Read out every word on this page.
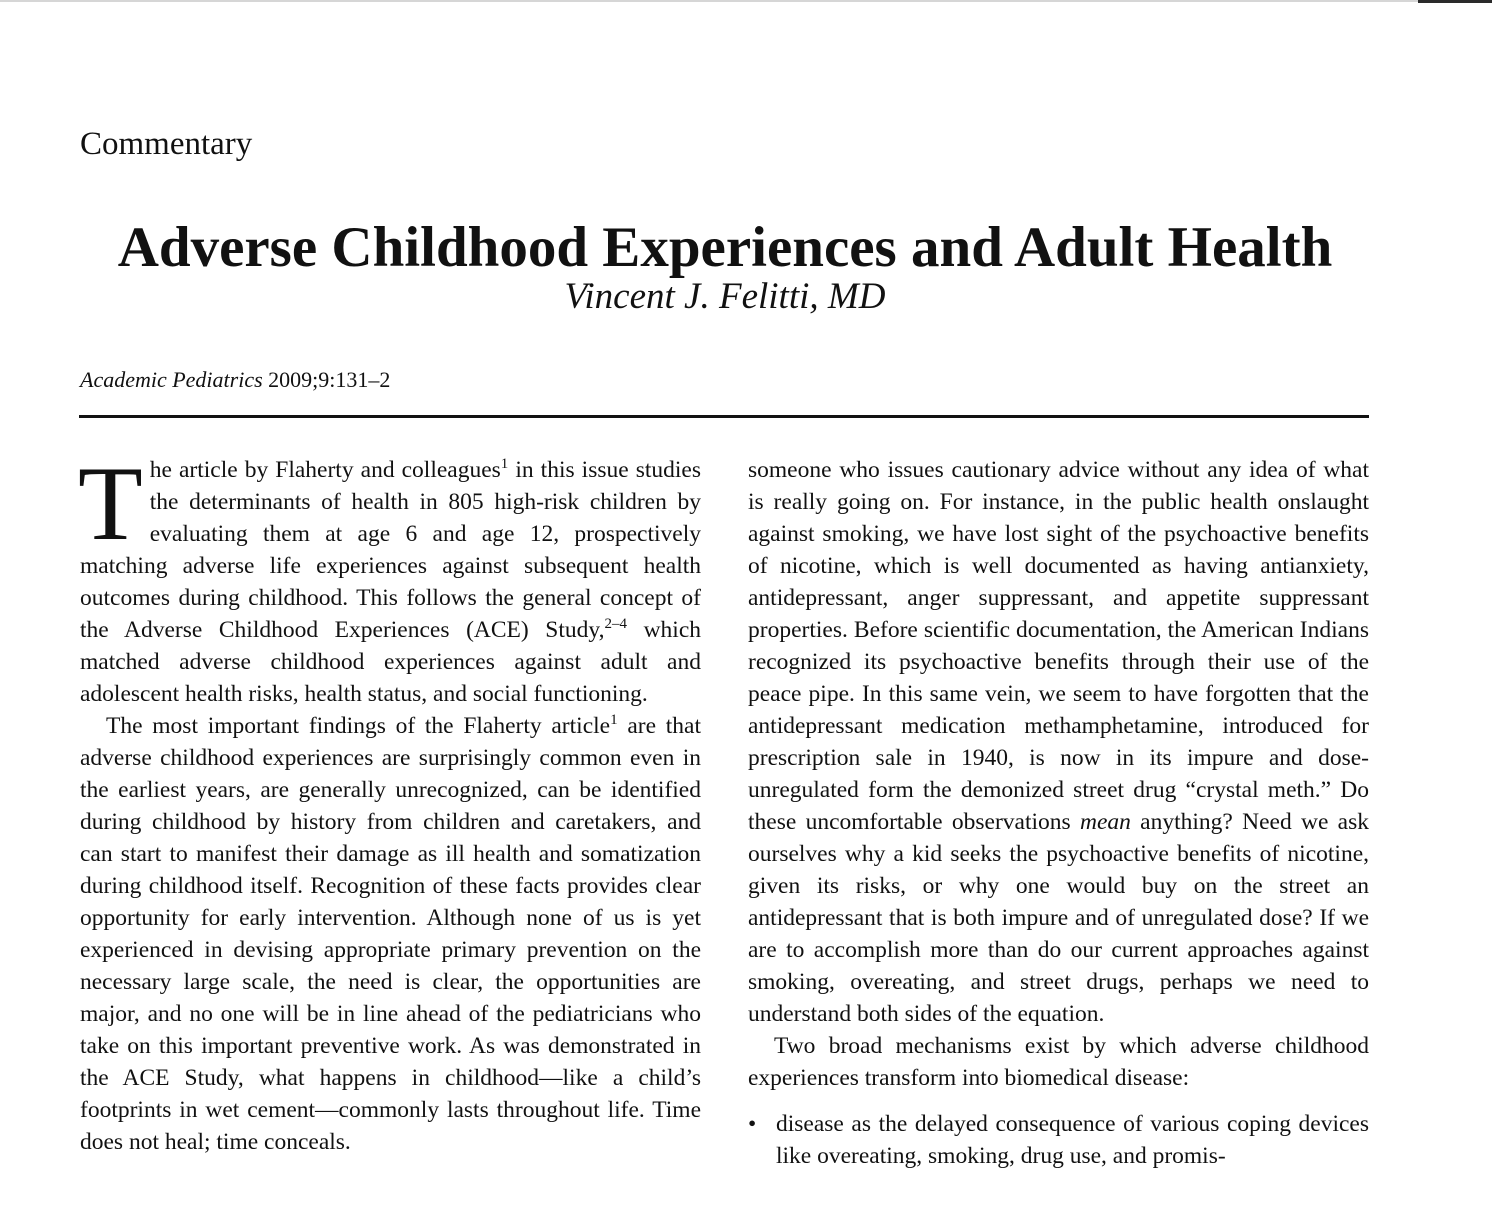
Commentary
Adverse Childhood Experiences and Adult Health
Vincent J. Felitti, MD
Academic Pediatrics 2009;9:131–2

The article by Flaherty and colleagues$^1$ in this issue studies the determinants of health in 805 high-risk children by evaluating them at age 6 and age 12, prospectively matching adverse life experiences against subsequent health outcomes during childhood. This follows the general concept of the Adverse Childhood Experiences (ACE) Study,$^{2-4}$ which matched adverse childhood experiences against adult and adolescent health risks, health status, and social functioning.

The most important findings of the Flaherty article$^1$ are that adverse childhood experiences are surprisingly common even in the earliest years, are generally unrecognized, can be identified during childhood by history from children and caretakers, and can start to manifest their damage as ill health and somatization during childhood itself. Recognition of these facts provides clear opportunity for early intervention. Although none of us is yet experienced in devising appropriate primary prevention on the necessary large scale, the need is clear, the opportunities are major, and no one will be in line ahead of the pediatricians who take on this important preventive work. As was demonstrated in the ACE Study, what happens in childhood—like a child’s footprints in wet cement—commonly lasts throughout life. Time does not heal; time conceals.

someone who issues cautionary advice without any idea of what is really going on. For instance, in the public health onslaught against smoking, we have lost sight of the psychoactive benefits of nicotine, which is well documented as having antianxiety, antidepressant, anger suppressant, and appetite suppressant properties. Before scientific documentation, the American Indians recognized its psychoactive benefits through their use of the peace pipe. In this same vein, we seem to have forgotten that the antidepressant medication methamphetamine, introduced for prescription sale in 1940, is now in its impure and dose-unregulated form the demonized street drug “crystal meth.” Do these uncomfortable observations mean anything? Need we ask ourselves why a kid seeks the psychoactive benefits of nicotine, given its risks, or why one would buy on the street an antidepressant that is both impure and of unregulated dose? If we are to accomplish more than do our current approaches against smoking, overeating, and street drugs, perhaps we need to understand both sides of the equation.

Two broad mechanisms exist by which adverse childhood experiences transform into biomedical disease:

• disease as the delayed consequence of various coping devices like overeating, smoking, drug use, and promis-
